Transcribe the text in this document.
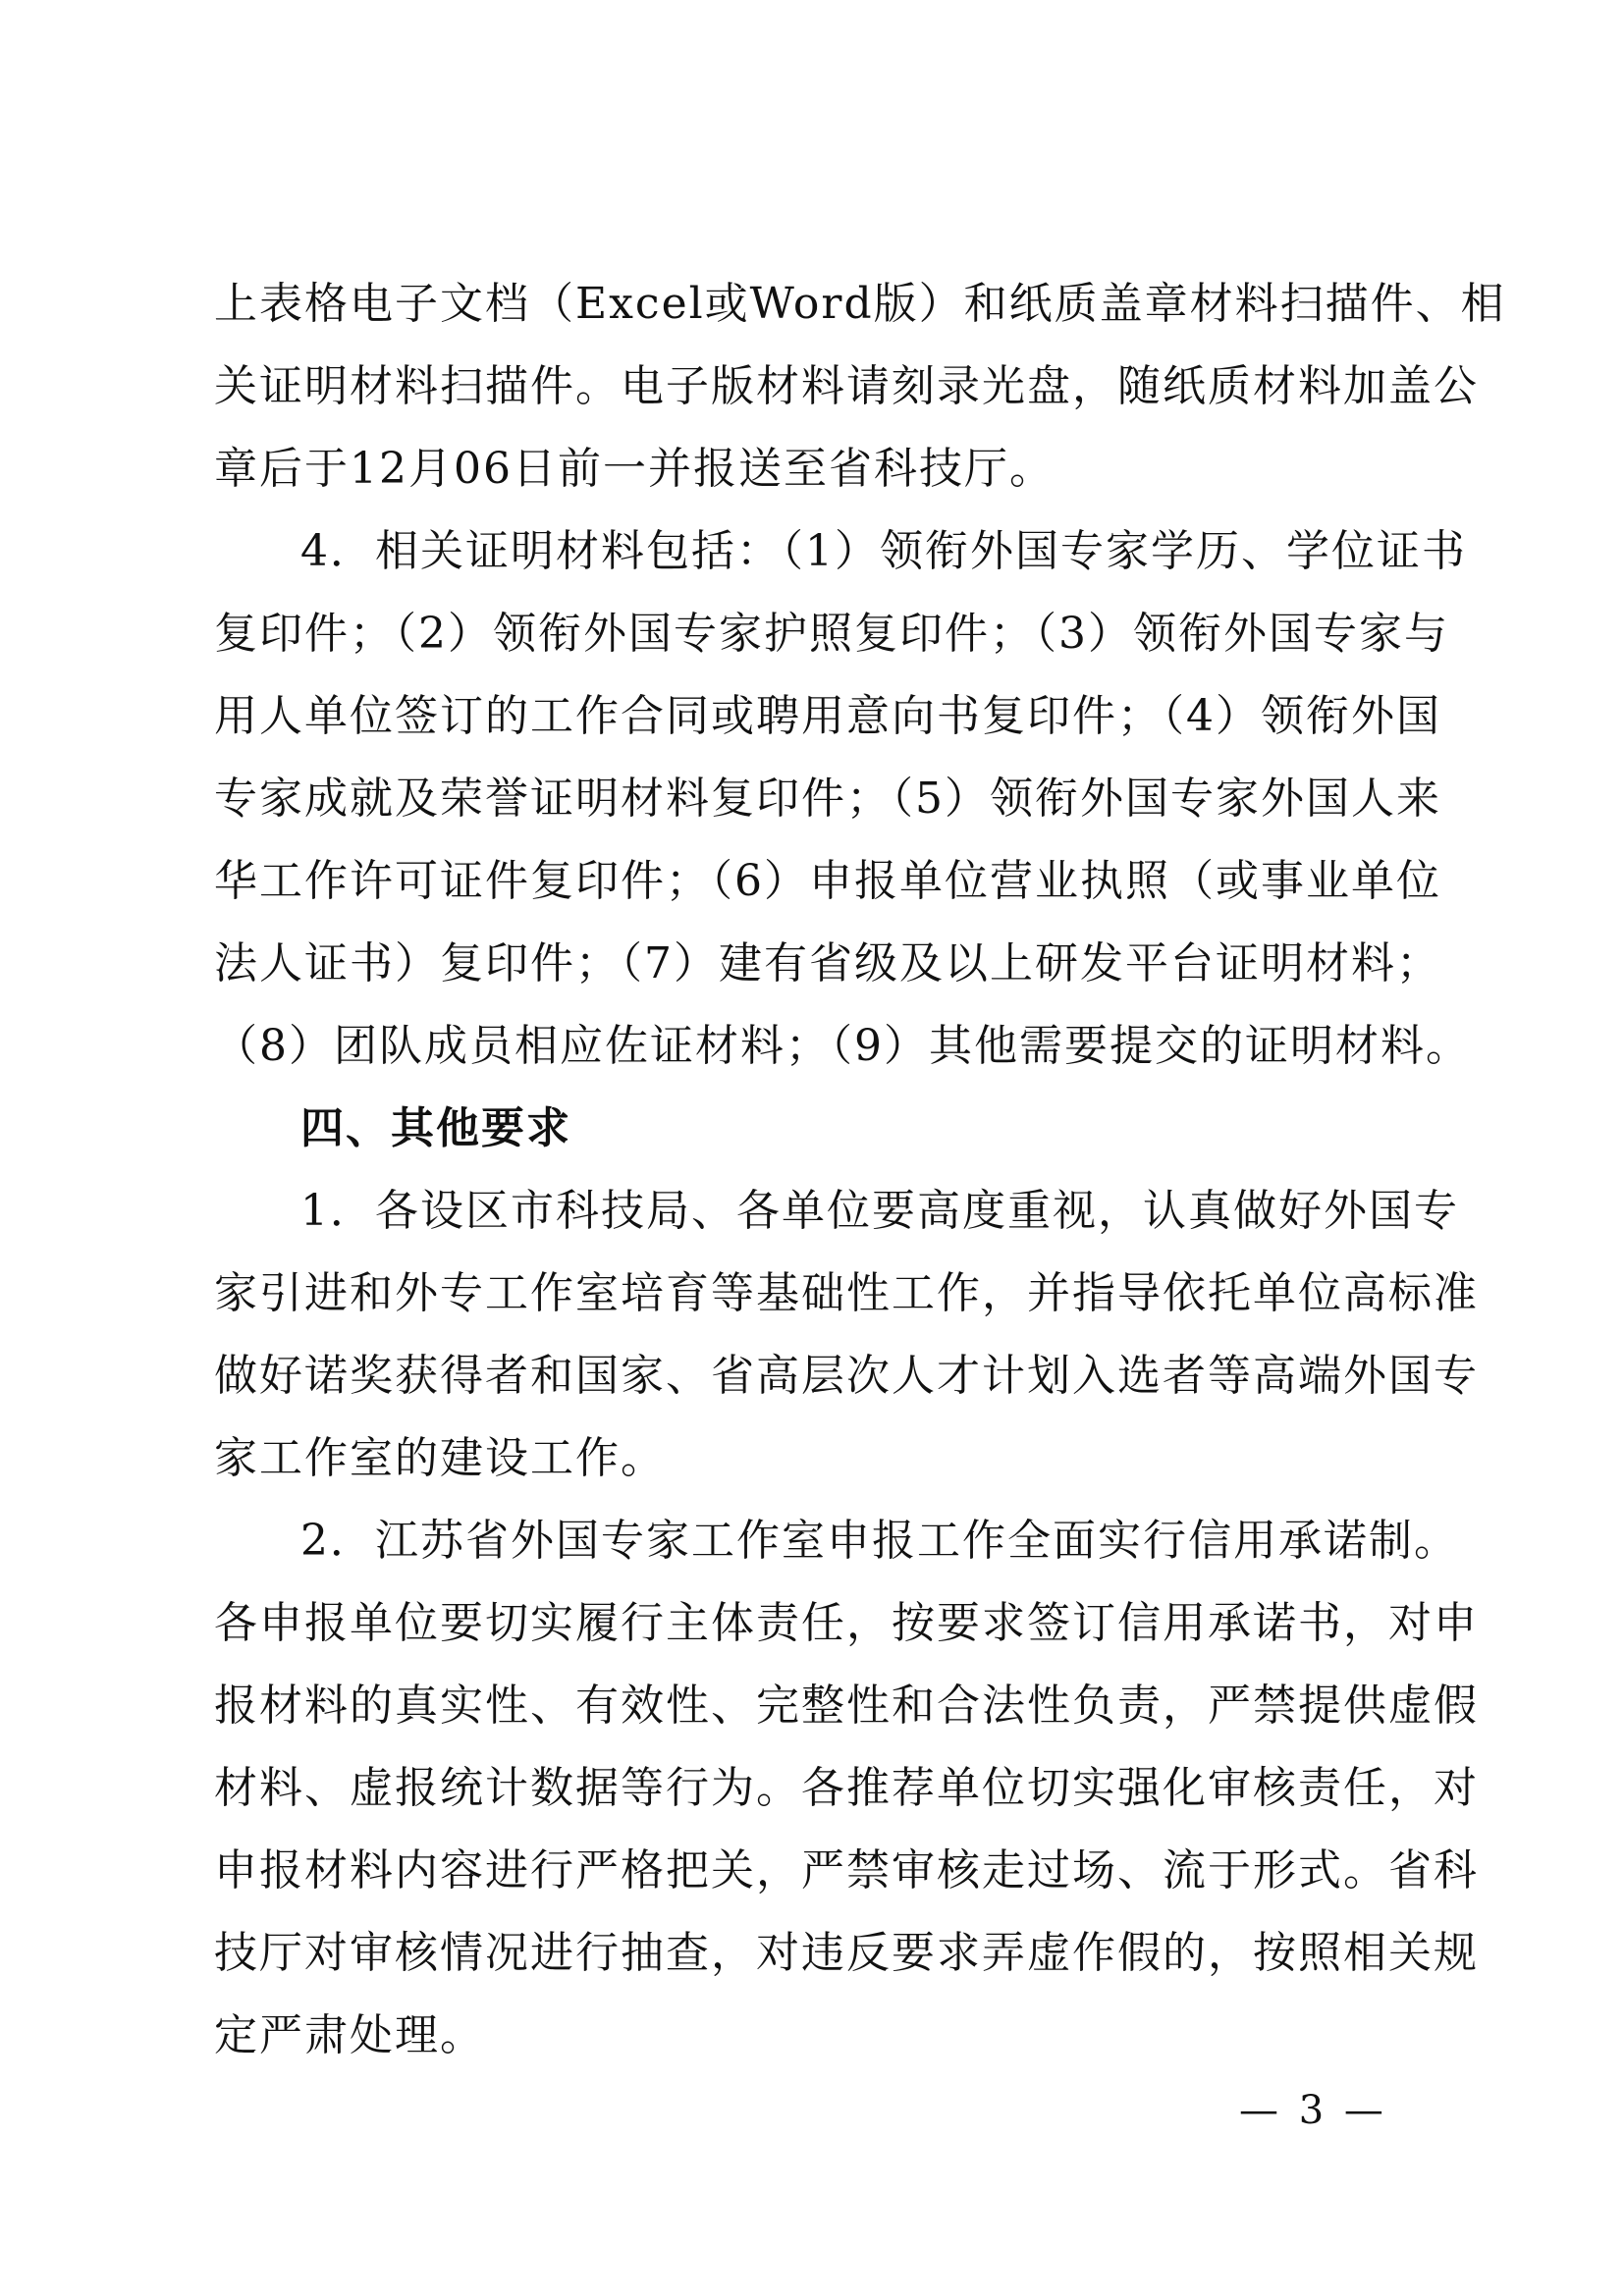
上表格电子文档（Excel或Word版）和纸质盖章材料扫描件、相
关证明材料扫描件。电子版材料请刻录光盘，随纸质材料加盖公
章后于12月06日前一并报送至省科技厅。
4．相关证明材料包括：（1）领衔外国专家学历、学位证书
复印件；（2）领衔外国专家护照复印件；（3）领衔外国专家与
用人单位签订的工作合同或聘用意向书复印件；（4）领衔外国
专家成就及荣誉证明材料复印件；（5）领衔外国专家外国人来
华工作许可证件复印件；（6）申报单位营业执照（或事业单位
法人证书）复印件；（7）建有省级及以上研发平台证明材料；
（8）团队成员相应佐证材料；（9）其他需要提交的证明材料。
四、其他要求
1．各设区市科技局、各单位要高度重视，认真做好外国专
家引进和外专工作室培育等基础性工作，并指导依托单位高标准
做好诺奖获得者和国家、省高层次人才计划入选者等高端外国专
家工作室的建设工作。
2．江苏省外国专家工作室申报工作全面实行信用承诺制。
各申报单位要切实履行主体责任，按要求签订信用承诺书，对申
报材料的真实性、有效性、完整性和合法性负责，严禁提供虚假
材料、虚报统计数据等行为。各推荐单位切实强化审核责任，对
申报材料内容进行严格把关，严禁审核走过场、流于形式。省科
技厅对审核情况进行抽查，对违反要求弄虚作假的，按照相关规
定严肃处理。
— 3 —
